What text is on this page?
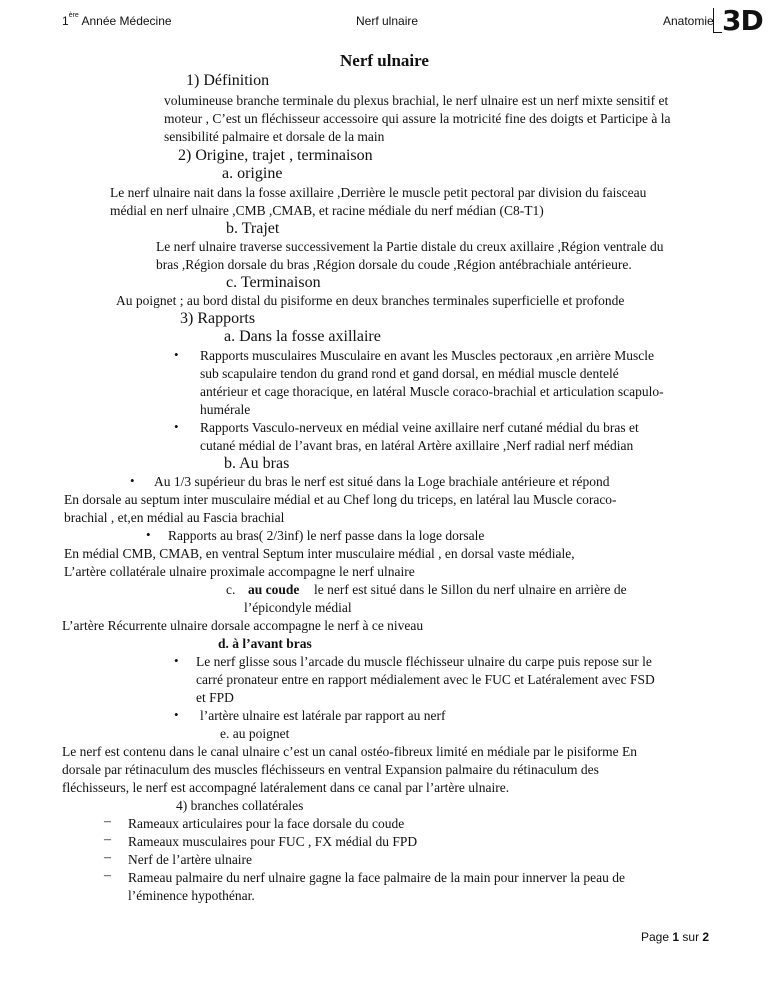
1ère Année Médecine	Nerf ulnaire	Anatomie 3D
Nerf ulnaire
1) Définition
volumineuse branche terminale du plexus brachial, le nerf ulnaire est un nerf mixte sensitif et
moteur , C’est un fléchisseur accessoire qui assure la motricité fine des doigts et Participe à la
sensibilité palmaire et dorsale de la main
2) Origine, trajet , terminaison
a. origine
Le nerf ulnaire nait dans la fosse axillaire ,Derrière le muscle petit pectoral par division du faisceau
médial en nerf ulnaire ,CMB ,CMAB, et racine médiale du nerf médian (C8-T1)
b. Trajet
Le nerf ulnaire traverse successivement la Partie distale du creux axillaire ,Région ventrale du
bras ,Région dorsale du bras ,Région dorsale du coude ,Région antébrachiale antérieure.
c. Terminaison
Au poignet ; au bord distal du pisiforme en deux branches terminales superficielle et profonde
3) Rapports
a. Dans la fosse axillaire
• Rapports musculaires Musculaire en avant les Muscles pectoraux ,en arrière Muscle
sub scapulaire tendon du grand rond et gand dorsal, en médial muscle dentelé
antérieur et cage thoracique, en latéral Muscle coraco-brachial et articulation scapulo-
humérale
• Rapports Vasculo-nerveux en médial veine axillaire nerf cutané médial du bras et
cutané médial de l’avant bras, en latéral Artère axillaire ,Nerf radial nerf médian
b. Au bras
• Au 1/3 supérieur du bras le nerf est situé dans la Loge brachiale antérieure et répond
En dorsale au septum inter musculaire médial et au Chef long du triceps, en latéral lau Muscle coraco-
brachial , et,en médial au Fascia brachial
• Rapports au bras( 2/3inf) le nerf passe dans la loge dorsale
En médial CMB, CMAB, en ventral Septum inter musculaire médial , en dorsal vaste médiale,
L’artère collatérale ulnaire proximale accompagne le nerf ulnaire
c. au coude le nerf est situé dans le Sillon du nerf ulnaire en arrière de
l’épicondyle médial
L’artère Récurrente ulnaire dorsale accompagne le nerf à ce niveau
d. à l’avant bras
• Le nerf glisse sous l’arcade du muscle fléchisseur ulnaire du carpe puis repose sur le
carré pronateur entre en rapport médialement avec le FUC et Latéralement avec FSD
et FPD
• l’artère ulnaire est latérale par rapport au nerf
e. au poignet
Le nerf est contenu dans le canal ulnaire c’est un canal ostéo-fibreux limité en médiale par le pisiforme En
dorsale par rétinaculum des muscles fléchisseurs en ventral Expansion palmaire du rétinaculum des
fléchisseurs, le nerf est accompagné latéralement dans ce canal par l’artère ulnaire.
4) branches collatérales
– Rameaux articulaires pour la face dorsale du coude
– Rameaux musculaires pour FUC , FX médial du FPD
– Nerf de l’artère ulnaire
– Rameau palmaire du nerf ulnaire gagne la face palmaire de la main pour innerver la peau de
l’éminence hypothénar.
Page 1 sur 2
